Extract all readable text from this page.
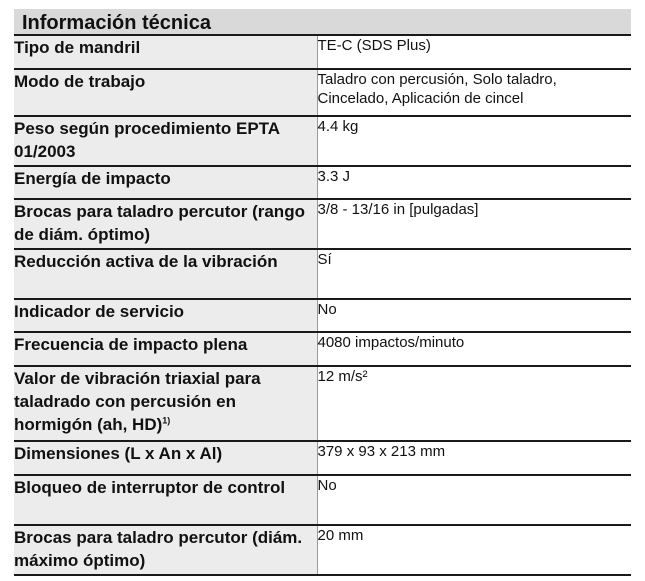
Información técnica
Tipo de mandril	TE-C (SDS Plus)
Modo de trabajo	Taladro con percusión, Solo taladro,
Cincelado, Aplicación de cincel

Peso según procedimiento EPTA 01/2003	4.4 kg
Energía de impacto	3.3 J
Brocas para taladro percutor (rango de diám. óptimo)	3/8 - 13/16 in [pulgadas]
Reducción activa de la vibración	Sí
Indicador de servicio	No
Frecuencia de impacto plena	4080 impactos/minuto
Valor de vibración triaxial para taladrado con percusión en hormigón (ah, HD)$^{1)}$	12 m/s²
Dimensiones (L x An x Al)	379 x 93 x 213 mm
Bloqueo de interruptor de control	No
Brocas para taladro percutor (diám. máximo óptimo)	20 mm
